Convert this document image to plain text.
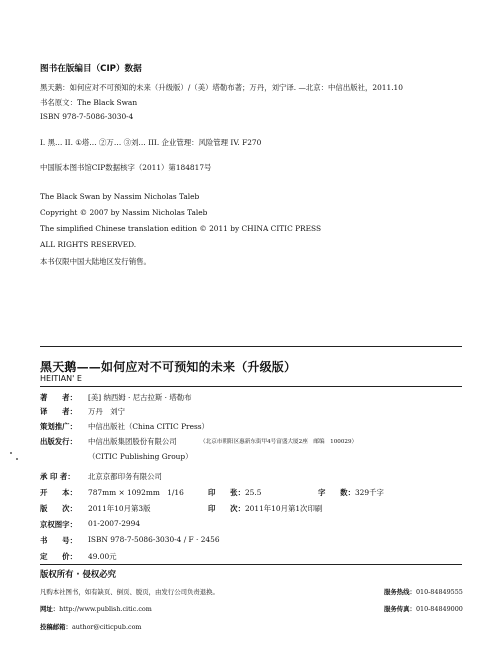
图书在版编目（CIP）数据
黑天鹅：如何应对不可预知的未来（升级版）/（美）塔勒布著；万丹，刘宁译. —北京：中信出版社，2011.10
书名原文：The Black Swan
ISBN 978-7-5086-3030-4
I. 黑… II. ①塔… ②万… ③刘… III. 企业管理：风险管理 IV. F270
中国版本图书馆CIP数据核字（2011）第184817号
The Black Swan by Nassim Nicholas Taleb
Copyright © 2007 by Nassim Nicholas Taleb
The simplified Chinese translation edition © 2011 by CHINA CITIC PRESS
ALL RIGHTS RESERVED.
本书仅限中国大陆地区发行销售。
黑天鹅——如何应对不可预知的未来（升级版）
HEITIAN' E
著　　者： [美] 纳西姆 · 尼古拉斯 · 塔勒布
译　　者： 万丹　刘宁
策划推广： 中信出版社（China CITIC Press）
出版发行： 中信出版集团股份有限公司	（北京市朝阳区惠新东街甲4号富盛大厦2座　邮编　100029）
（CITIC Publishing Group）
承 印 者： 北京京都印务有限公司
开　　本： 787mm × 1092mm　1/16	印　　张：25.5	字　　数：329千字
版　　次： 2011年10月第3版	印　　次：2011年10月第1次印刷
京权图字： 01-2007-2994
书　　号： ISBN 978-7-5086-3030-4 / F · 2456
定　　价： 49.00元
版权所有 · 侵权必究
凡购本社图书，如有缺页、倒页、脱页，由发行公司负责退换。	服务热线：010-84849555
网址：http://www.publish.citic.com	服务传真：010-84849000
投稿邮箱：author@citicpub.com
